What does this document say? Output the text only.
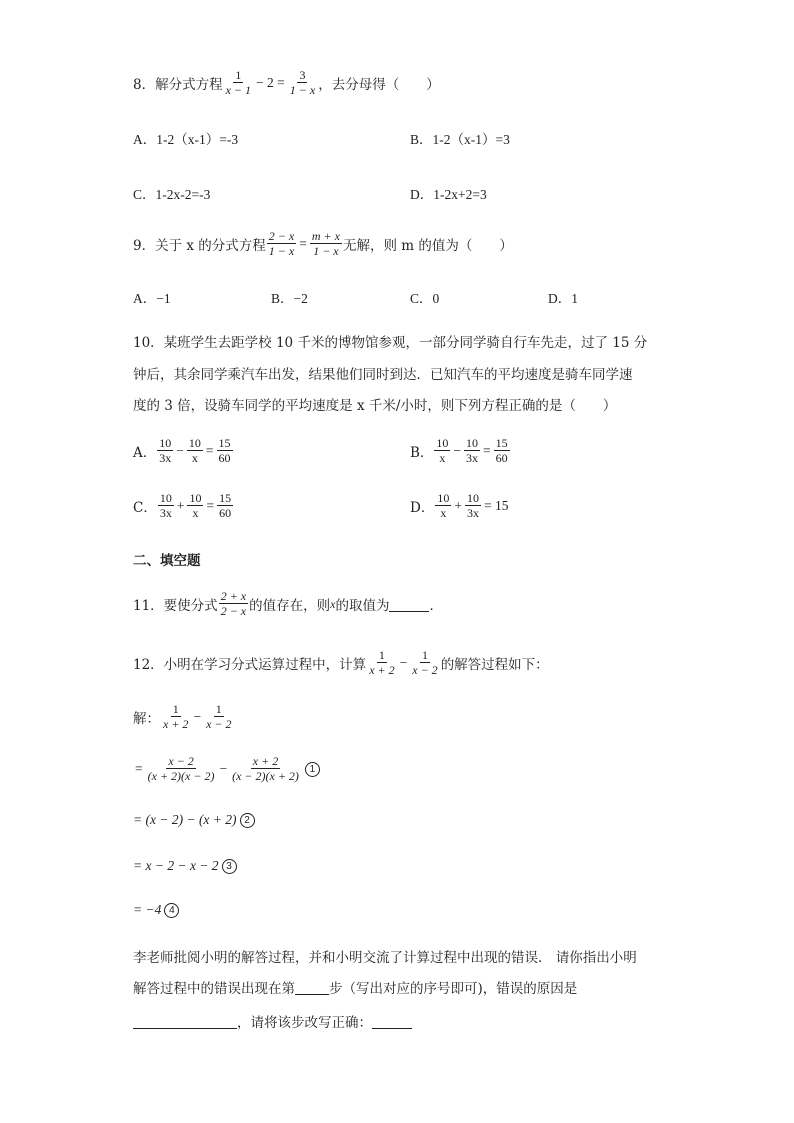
8．解分式方程 $\frac{1}{x - 1} - 2 = \frac{3}{1 - x}$ ，去分母得（　　）
A．1-2（x-1）=-3	B．1-2（x-1）=3
C．1-2x-2=-3	D．1-2x+2=3
9．关于 x 的分式方程 $\frac{2 - x}{1 - x} = \frac{m + x}{1 - x}$ 无解，则 m 的值为（　　）
A．−1	B．−2	C．0	D．1
10．某班学生去距学校 10 千米的博物馆参观，一部分同学骑自行车先走，过了 15 分
钟后，其余同学乘汽车出发，结果他们同时到达．已知汽车的平均速度是骑车同学速
度的 3 倍，设骑车同学的平均速度是 x 千米/小时，则下列方程正确的是（　　）
A． $\frac{10}{3x} - \frac{10}{x} = \frac{15}{60}$	B． $\frac{10}{x} - \frac{10}{3x} = \frac{15}{60}$
C． $\frac{10}{3x} + \frac{10}{x} = \frac{15}{60}$	D． $\frac{10}{x} + \frac{10}{3x} = 15$
二、填空题
11．要使分式 $\frac{2 + x}{2 - x}$ 的值存在，则 x 的取值为	．
12．小明在学习分式运算过程中，计算 $\frac{1}{x + 2} - \frac{1}{x - 2}$ 的解答过程如下：
解： $\frac{1}{x + 2} - \frac{1}{x - 2}$
= $\frac{x - 2}{(x + 2)(x - 2)} - \frac{x + 2}{(x - 2)(x + 2)} 1$
= (x − 2) − (x + 2) 2
= x − 2 − x − 2 3
= −4 4
李老师批阅小明的解答过程，并和小明交流了计算过程中出现的错误． 请你指出小明
解答过程中的错误出现在第	步（写出对应的序号即可)，错误的原因是
，请将该步改写正确：
